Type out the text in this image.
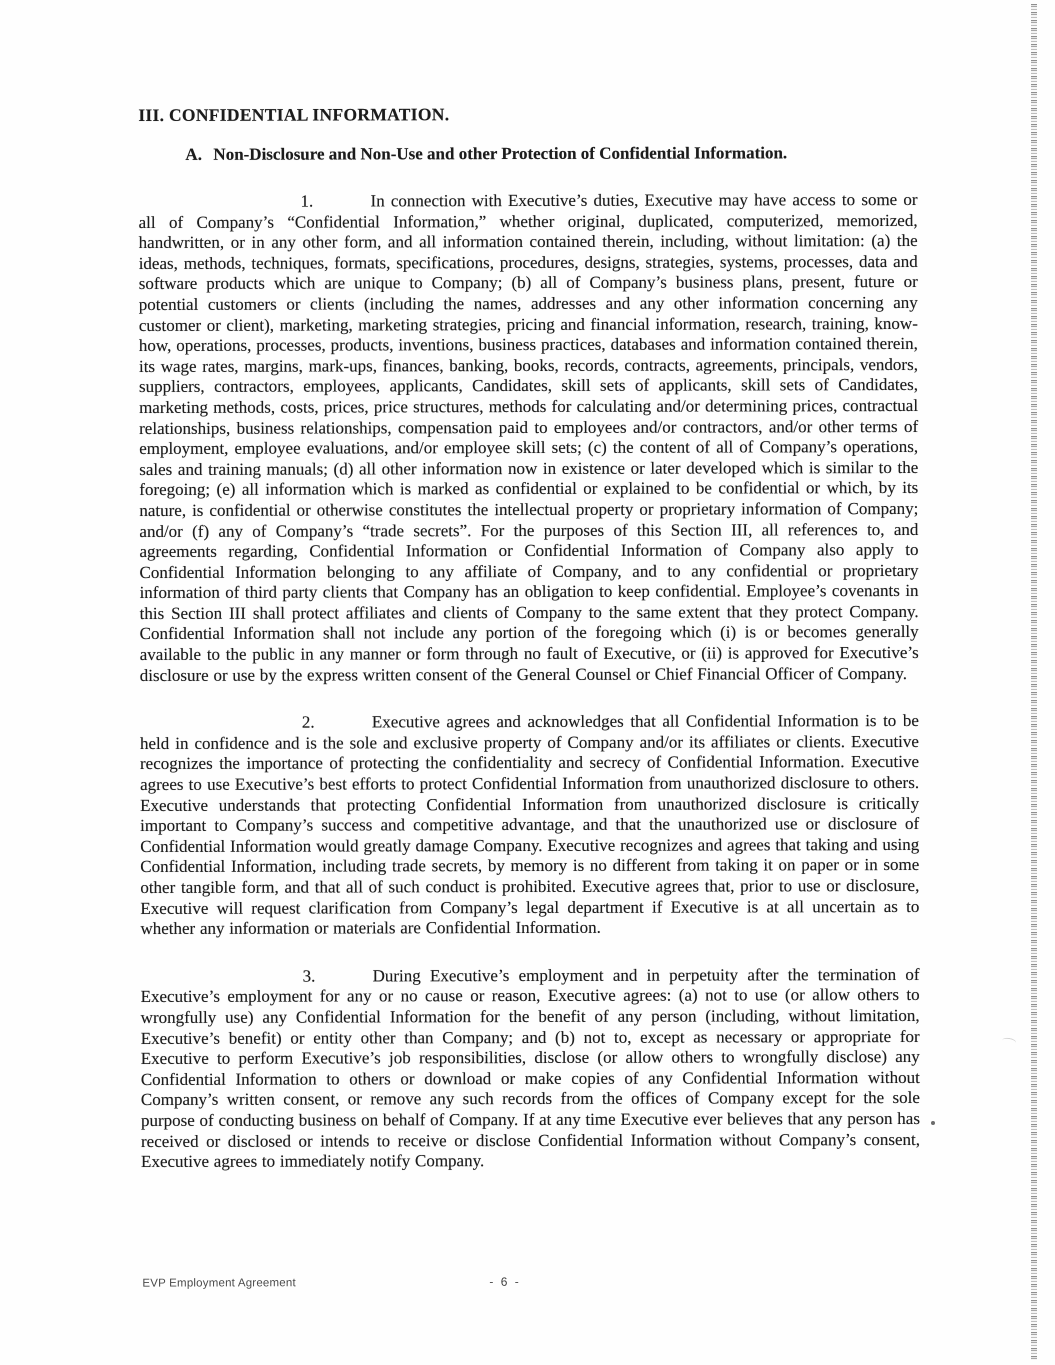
III. CONFIDENTIAL INFORMATION.
A. Non-Disclosure and Non-Use and other Protection of Confidential Information.

1.	In connection with Executive’s duties, Executive may have access to some or all of Company’s “Confidential Information,” whether original, duplicated, computerized, memorized, handwritten, or in any other form, and all information contained therein, including, without limitation: (a) the ideas, methods, techniques, formats, specifications, procedures, designs, strategies, systems, processes, data and software products which are unique to Company; (b) all of Company’s business plans, present, future or potential customers or clients (including the names, addresses and any other information concerning any customer or client), marketing, marketing strategies, pricing and financial information, research, training, know-how, operations, processes, products, inventions, business practices, databases and information contained therein, its wage rates, margins, mark-ups, finances, banking, books, records, contracts, agreements, principals, vendors, suppliers, contractors, employees, applicants, Candidates, skill sets of applicants, skill sets of Candidates, marketing methods, costs, prices, price structures, methods for calculating and/or determining prices, contractual relationships, business relationships, compensation paid to employees and/or contractors, and/or other terms of employment, employee evaluations, and/or employee skill sets; (c) the content of all of Company’s operations, sales and training manuals; (d) all other information now in existence or later developed which is similar to the foregoing; (e) all information which is marked as confidential or explained to be confidential or which, by its nature, is confidential or otherwise constitutes the intellectual property or proprietary information of Company; and/or (f) any of Company’s “trade secrets”. For the purposes of this Section III, all references to, and agreements regarding, Confidential Information or Confidential Information of Company also apply to Confidential Information belonging to any affiliate of Company, and to any confidential or proprietary information of third party clients that Company has an obligation to keep confidential. Employee’s covenants in this Section III shall protect affiliates and clients of Company to the same extent that they protect Company. Confidential Information shall not include any portion of the foregoing which (i) is or becomes generally available to the public in any manner or form through no fault of Executive, or (ii) is approved for Executive’s disclosure or use by the express written consent of the General Counsel or Chief Financial Officer of Company.

2.	Executive agrees and acknowledges that all Confidential Information is to be held in confidence and is the sole and exclusive property of Company and/or its affiliates or clients. Executive recognizes the importance of protecting the confidentiality and secrecy of Confidential Information. Executive agrees to use Executive’s best efforts to protect Confidential Information from unauthorized disclosure to others. Executive understands that protecting Confidential Information from unauthorized disclosure is critically important to Company’s success and competitive advantage, and that the unauthorized use or disclosure of Confidential Information would greatly damage Company. Executive recognizes and agrees that taking and using Confidential Information, including trade secrets, by memory is no different from taking it on paper or in some other tangible form, and that all of such conduct is prohibited. Executive agrees that, prior to use or disclosure, Executive will request clarification from Company’s legal department if Executive is at all uncertain as to whether any information or materials are Confidential Information.

3.	During Executive’s employment and in perpetuity after the termination of Executive’s employment for any or no cause or reason, Executive agrees: (a) not to use (or allow others to wrongfully use) any Confidential Information for the benefit of any person (including, without limitation, Executive’s benefit) or entity other than Company; and (b) not to, except as necessary or appropriate for Executive to perform Executive’s job responsibilities, disclose (or allow others to wrongfully disclose) any Confidential Information to others or download or make copies of any Confidential Information without Company’s written consent, or remove any such records from the offices of Company except for the sole purpose of conducting business on behalf of Company. If at any time Executive ever believes that any person has received or disclosed or intends to receive or disclose Confidential Information without Company’s consent, Executive agrees to immediately notify Company.

EVP Employment Agreement	- 6 -
